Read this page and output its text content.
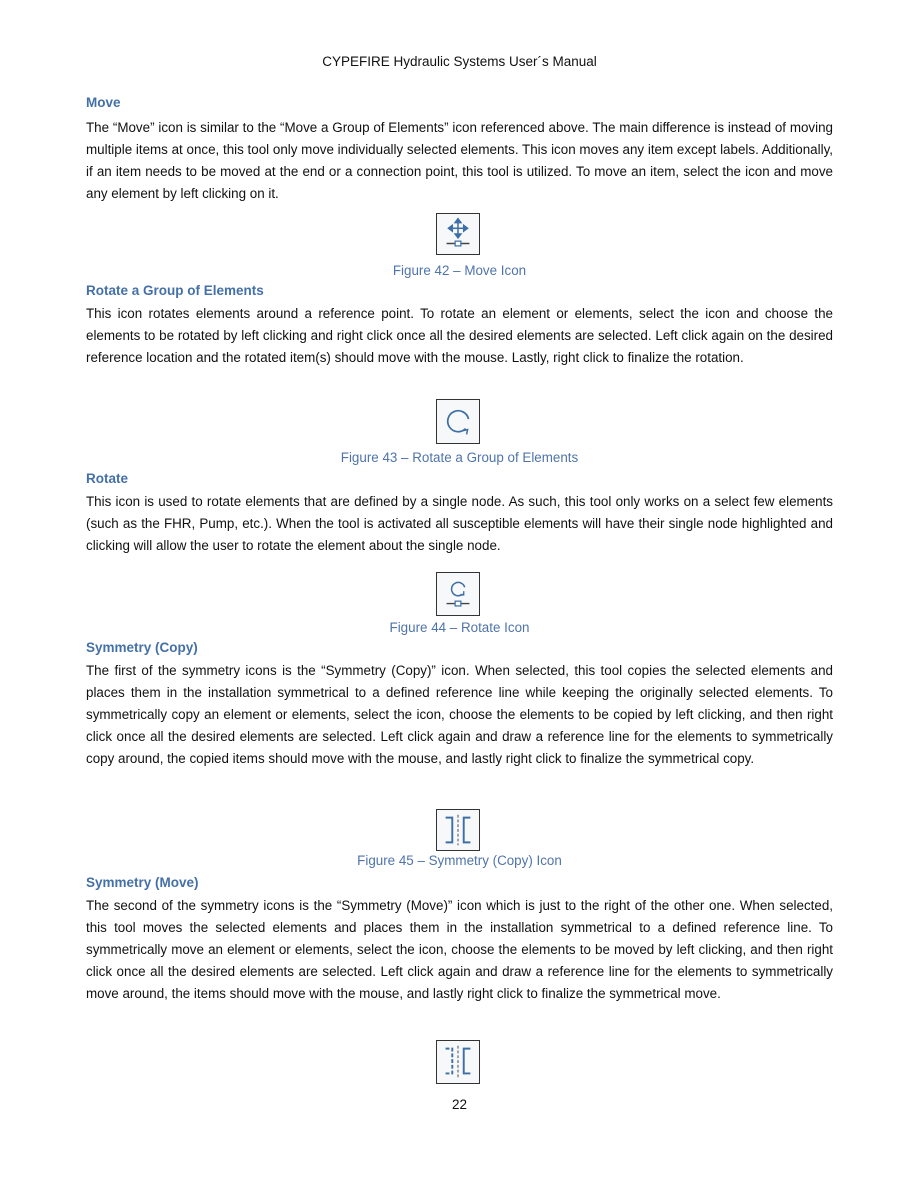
CYPEFIRE Hydraulic Systems User´s Manual
Move

The “Move” icon is similar to the “Move a Group of Elements” icon referenced above. The main difference is instead of moving multiple items at once, this tool only move individually selected elements. This icon moves any item except labels. Additionally, if an item needs to be moved at the end or a connection point, this tool is utilized. To move an item, select the icon and move any element by left clicking on it.

Figure 42 – Move Icon
Rotate a Group of Elements

This icon rotates elements around a reference point. To rotate an element or elements, select the icon and choose the elements to be rotated by left clicking and right click once all the desired elements are selected. Left click again on the desired reference location and the rotated item(s) should move with the mouse. Lastly, right click to finalize the rotation.

Figure 43 – Rotate a Group of Elements
Rotate

This icon is used to rotate elements that are defined by a single node. As such, this tool only works on a select few elements (such as the FHR, Pump, etc.). When the tool is activated all susceptible elements will have their single node highlighted and clicking will allow the user to rotate the element about the single node.

Figure 44 – Rotate Icon
Symmetry (Copy)

The first of the symmetry icons is the “Symmetry (Copy)” icon. When selected, this tool copies the selected elements and places them in the installation symmetrical to a defined reference line while keeping the originally selected elements. To symmetrically copy an element or elements, select the icon, choose the elements to be copied by left clicking, and then right click once all the desired elements are selected. Left click again and draw a reference line for the elements to symmetrically copy around, the copied items should move with the mouse, and lastly right click to finalize the symmetrical copy.

Figure 45 – Symmetry (Copy) Icon
Symmetry (Move)

The second of the symmetry icons is the “Symmetry (Move)” icon which is just to the right of the other one. When selected, this tool moves the selected elements and places them in the installation symmetrical to a defined reference line. To symmetrically move an element or elements, select the icon, choose the elements to be moved by left clicking, and then right click once all the desired elements are selected. Left click again and draw a reference line for the elements to symmetrically move around, the items should move with the mouse, and lastly right click to finalize the symmetrical move.

22
